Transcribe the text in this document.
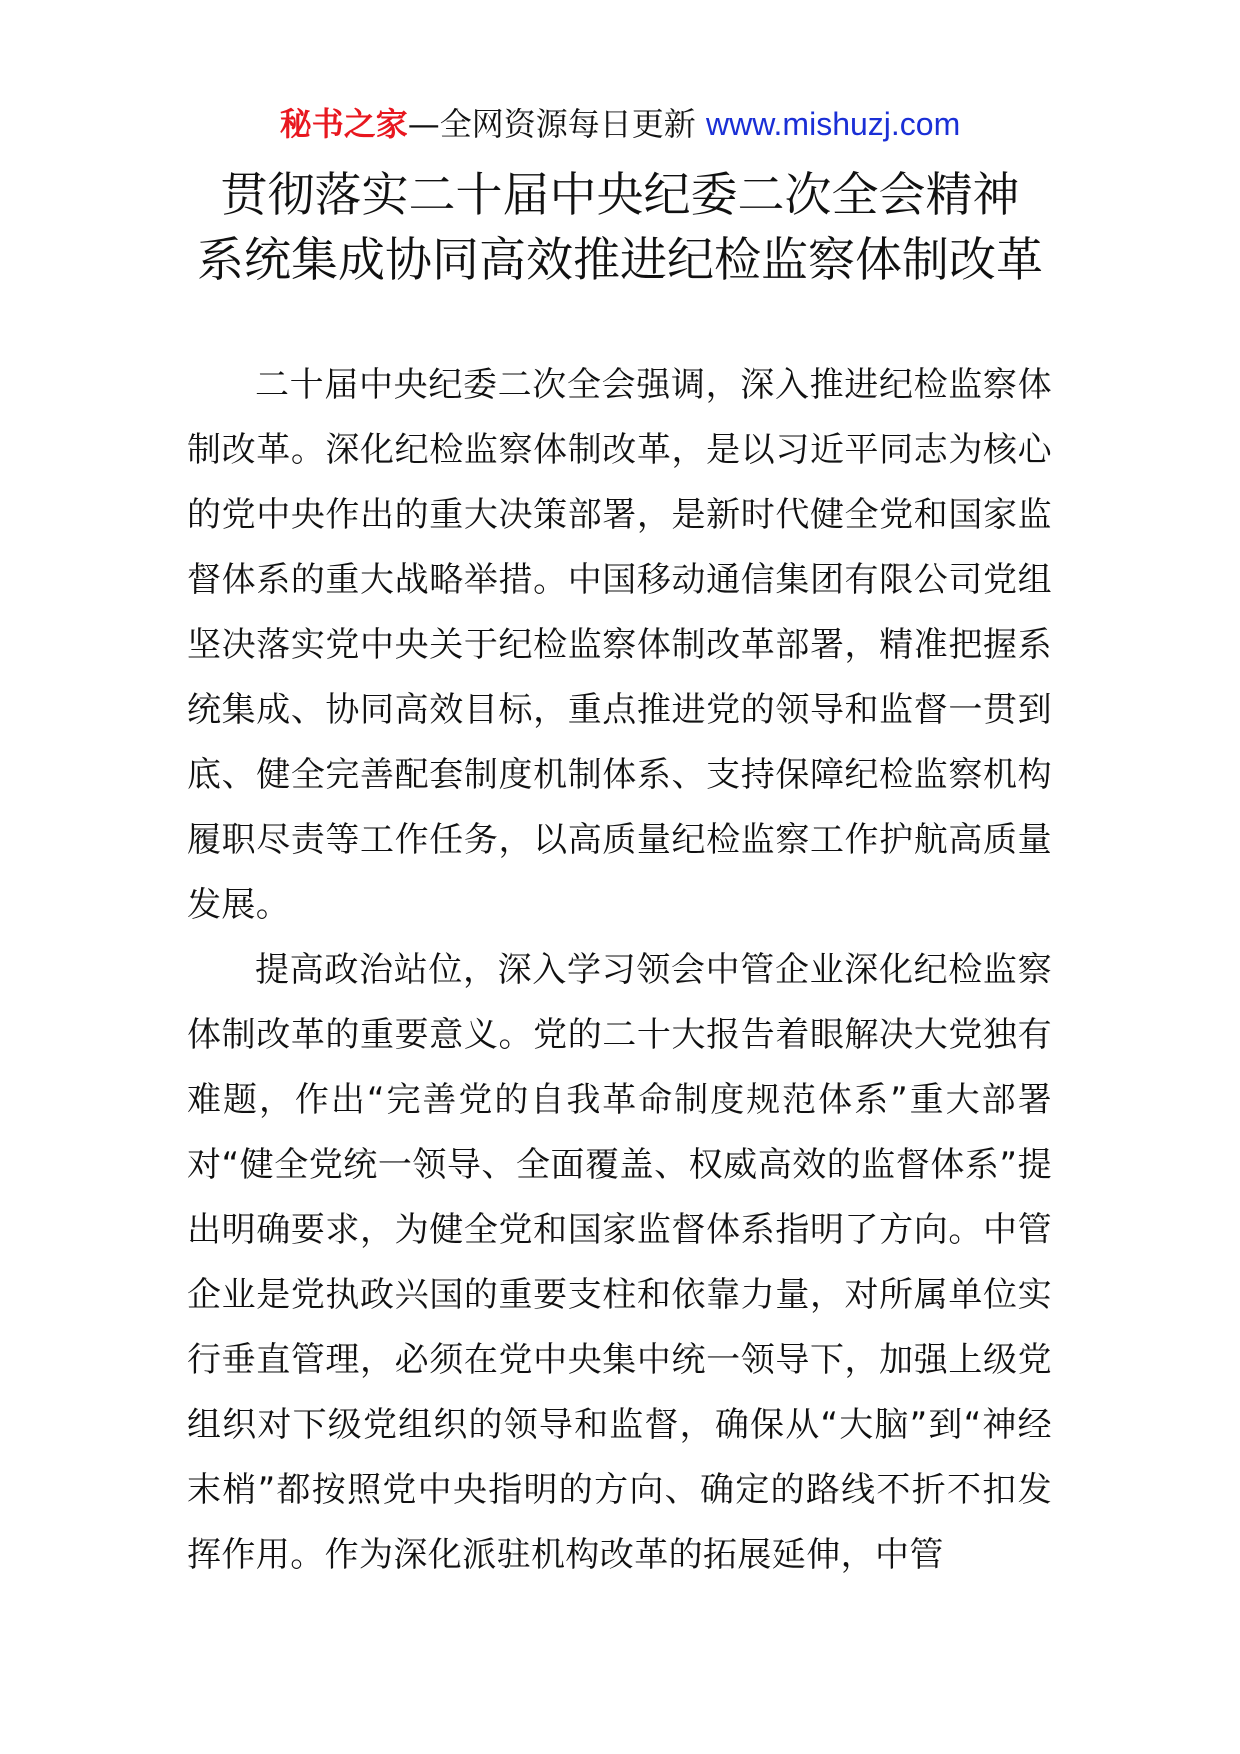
秘书之家—全网资源每日更新 www.mishuzj.com
贯彻落实二十届中央纪委二次全会精神
系统集成协同高效推进纪检监察体制改革

二十届中央纪委二次全会强调，深入推进纪检监察体制改革。深化纪检监察体制改革，是以习近平同志为核心的党中央作出的重大决策部署，是新时代健全党和国家监督体系的重大战略举措。中国移动通信集团有限公司党组坚决落实党中央关于纪检监察体制改革部署，精准把握系统集成、协同高效目标，重点推进党的领导和监督一贯到底、健全完善配套制度机制体系、支持保障纪检监察机构履职尽责等工作任务，以高质量纪检监察工作护航高质量发展。

提高政治站位，深入学习领会中管企业深化纪检监察体制改革的重要意义。党的二十大报告着眼解决大党独有难题，作出“完善党的自我革命制度规范体系”重大部署对“健全党统一领导、全面覆盖、权威高效的监督体系”提出明确要求，为健全党和国家监督体系指明了方向。中管企业是党执政兴国的重要支柱和依靠力量，对所属单位实行垂直管理，必须在党中央集中统一领导下，加强上级党组织对下级党组织的领导和监督，确保从“大脑”到“神经末梢”都按照党中央指明的方向、确定的路线不折不扣发挥作用。作为深化派驻机构改革的拓展延伸，中管
